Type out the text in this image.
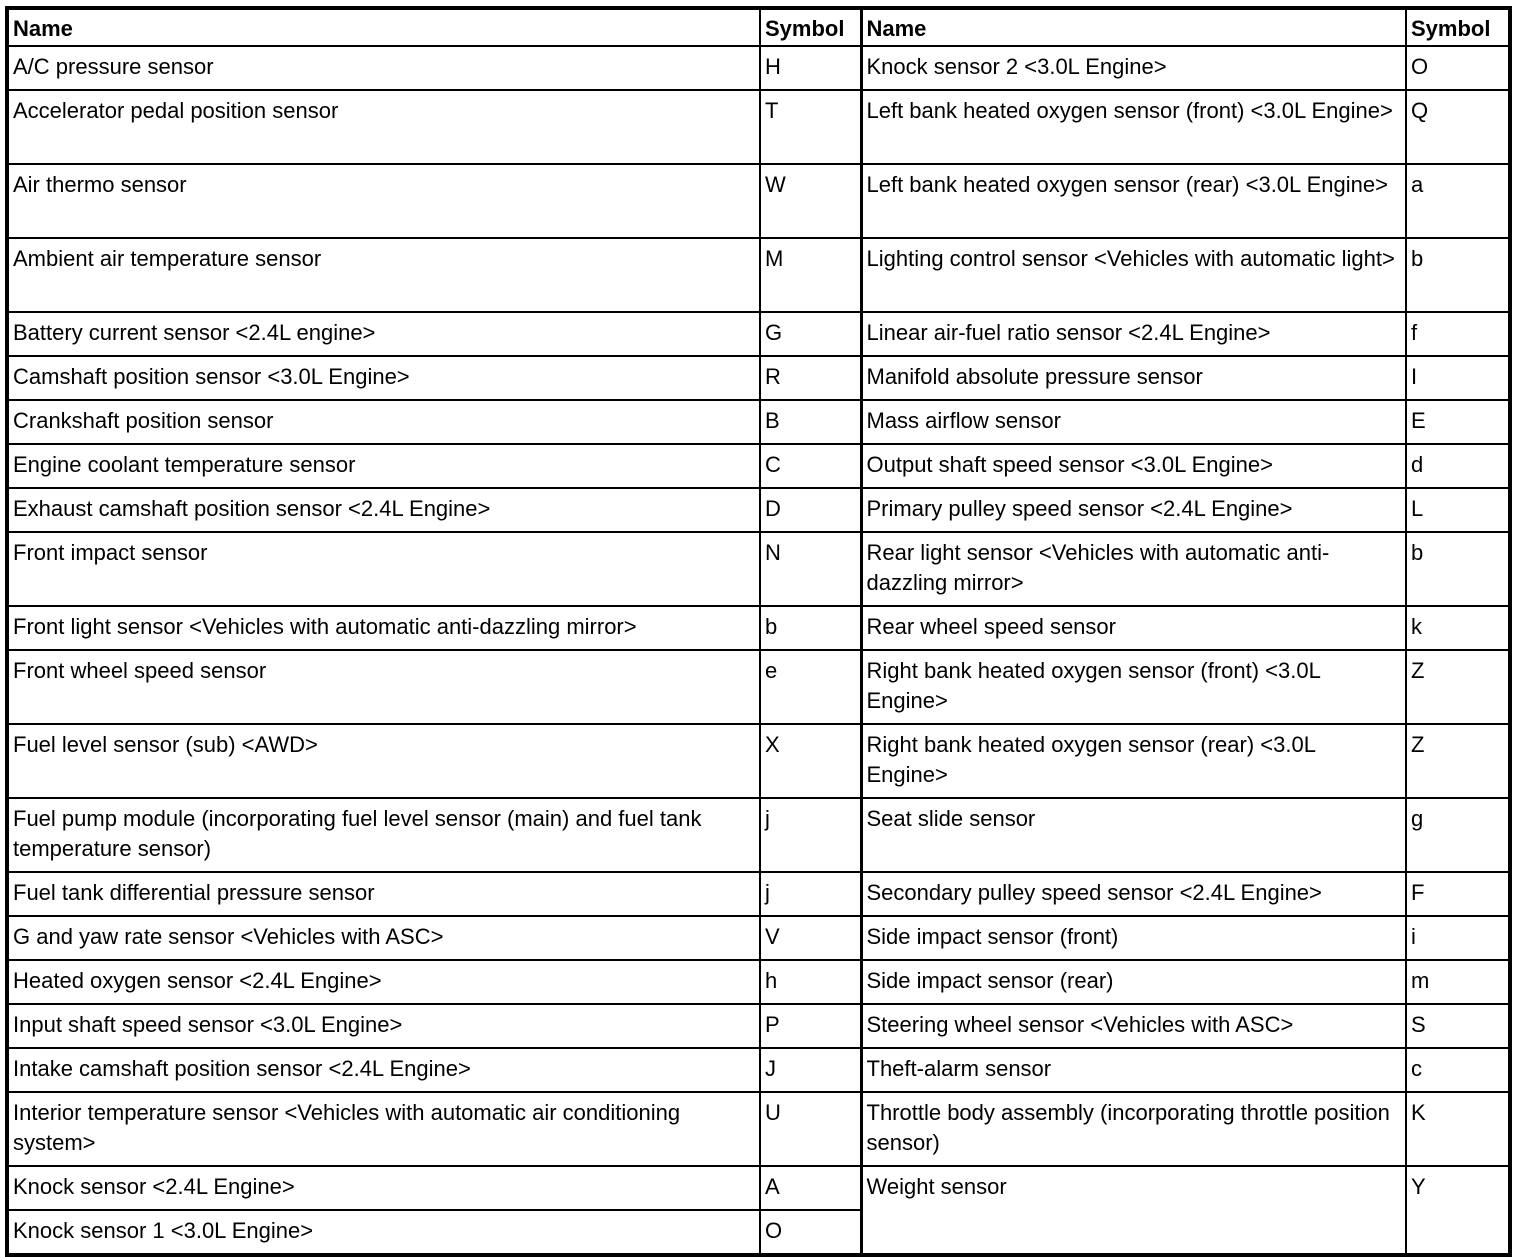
Name	Symbol	Name	Symbol
A/C pressure sensor	H	Knock sensor 2 <3.0L Engine>	O
Accelerator pedal position sensor	T	Left bank heated oxygen sensor (front) <3.0L Engine>	Q
Air thermo sensor	W	Left bank heated oxygen sensor (rear) <3.0L Engine>	a
Ambient air temperature sensor	M	Lighting control sensor <Vehicles with automatic light>	b
Battery current sensor <2.4L engine>	G	Linear air-fuel ratio sensor <2.4L Engine>	f
Camshaft position sensor <3.0L Engine>	R	Manifold absolute pressure sensor	I
Crankshaft position sensor	B	Mass airflow sensor	E
Engine coolant temperature sensor	C	Output shaft speed sensor <3.0L Engine>	d
Exhaust camshaft position sensor <2.4L Engine>	D	Primary pulley speed sensor <2.4L Engine>	L
Front impact sensor	N	Rear light sensor <Vehicles with automatic anti-dazzling mirror>	b
Front light sensor <Vehicles with automatic anti-dazzling mirror>	b	Rear wheel speed sensor	k
Front wheel speed sensor	e	Right bank heated oxygen sensor (front) <3.0L Engine>	Z
Fuel level sensor (sub) <AWD>	X	Right bank heated oxygen sensor (rear) <3.0L Engine>	Z
Fuel pump module (incorporating fuel level sensor (main) and fuel tank temperature sensor)	j	Seat slide sensor	g
Fuel tank differential pressure sensor	j	Secondary pulley speed sensor <2.4L Engine>	F
G and yaw rate sensor <Vehicles with ASC>	V	Side impact sensor (front)	i
Heated oxygen sensor <2.4L Engine>	h	Side impact sensor (rear)	m
Input shaft speed sensor <3.0L Engine>	P	Steering wheel sensor <Vehicles with ASC>	S
Intake camshaft position sensor <2.4L Engine>	J	Theft-alarm sensor	c
Interior temperature sensor <Vehicles with automatic air conditioning system>	U	Throttle body assembly (incorporating throttle position sensor)	K
Knock sensor <2.4L Engine>	A	Weight sensor	Y
Knock sensor 1 <3.0L Engine>	O		
